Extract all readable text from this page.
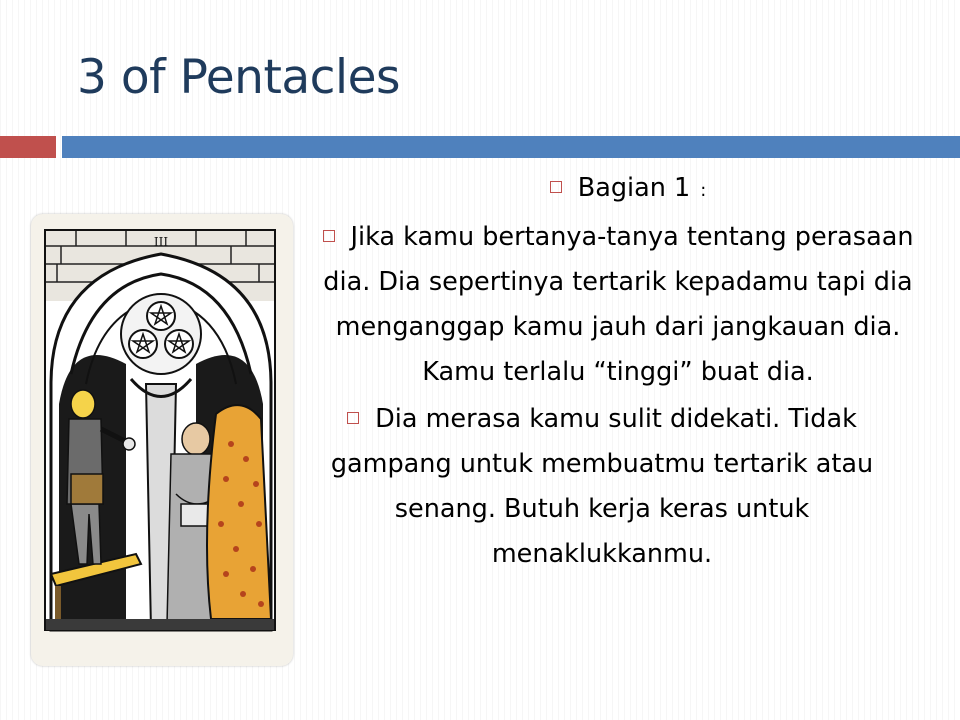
3 of Pentacles
III
Bagian 1 :
Jika kamu bertanya-tanya tentang perasaan dia. Dia sepertinya tertarik kepadamu tapi dia menganggap kamu jauh dari jangkauan dia. Kamu terlalu “tinggi” buat dia.
Dia merasa kamu sulit didekati. Tidak gampang untuk membuatmu tertarik atau senang. Butuh kerja keras untuk menaklukkanmu.
